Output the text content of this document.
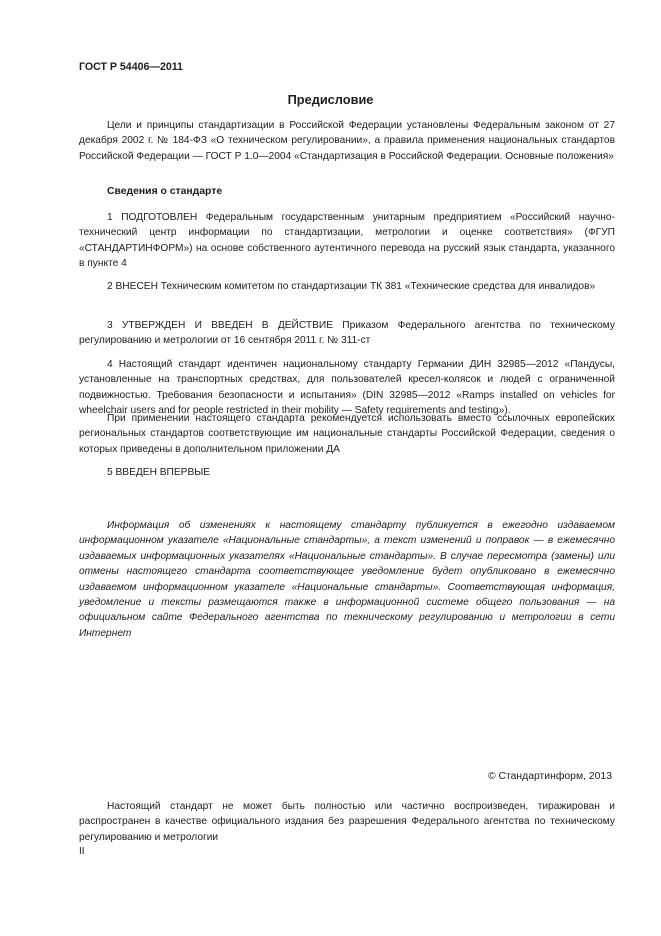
ГОСТ Р 54406—2011
Предисловие

Цели и принципы стандартизации в Российской Федерации установлены Федеральным законом от 27 декабря 2002 г. № 184-ФЗ «О техническом регулировании», а правила применения национальных стандартов Российской Федерации — ГОСТ Р 1.0—2004 «Стандартизация в Российской Федерации. Основные положения»

Сведения о стандарте

1 ПОДГОТОВЛЕН Федеральным государственным унитарным предприятием «Российский научно-технический центр информации по стандартизации, метрологии и оценке соответствия» (ФГУП «СТАНДАРТИНФОРМ») на основе собственного аутентичного перевода на русский язык стандарта, указанного в пункте 4

2 ВНЕСЕН Техническим комитетом по стандартизации ТК 381 «Технические средства для инвалидов»

3 УТВЕРЖДЕН И ВВЕДЕН В ДЕЙСТВИЕ Приказом Федерального агентства по техническому регулированию и метрологии от 16 сентября 2011 г. № 311-ст

4 Настоящий стандарт идентичен национальному стандарту Германии ДИН 32985—2012 «Пандусы, установленные на транспортных средствах, для пользователей кресел-колясок и людей с ограниченной подвижностью. Требования безопасности и испытания» (DIN 32985—2012 «Ramps installed on vehicles for wheelchair users and for people restricted in their mobility — Safety requirements and testing»).

При применении настоящего стандарта рекомендуется использовать вместо ссылочных европейских региональных стандартов соответствующие им национальные стандарты Российской Федерации, сведения о которых приведены в дополнительном приложении ДА

5 ВВЕДЕН ВПЕРВЫЕ

Информация об изменениях к настоящему стандарту публикуется в ежегодно издаваемом информационном указателе «Национальные стандарты», а текст изменений и поправок — в ежемесячно издаваемых информационных указателях «Национальные стандарты». В случае пересмотра (замены) или отмены настоящего стандарта соответствующее уведомление будет опубликовано в ежемесячно издаваемом информационном указателе «Национальные стандарты». Соответствующая информация, уведомление и тексты размещаются также в информационной системе общего пользования — на официальном сайте Федерального агентства по техническому регулированию и метрологии в сети Интернет

© Стандартинформ, 2013

Настоящий стандарт не может быть полностью или частично воспроизведен, тиражирован и распространен в качестве официального издания без разрешения Федерального агентства по техническому регулированию и метрологии

II
